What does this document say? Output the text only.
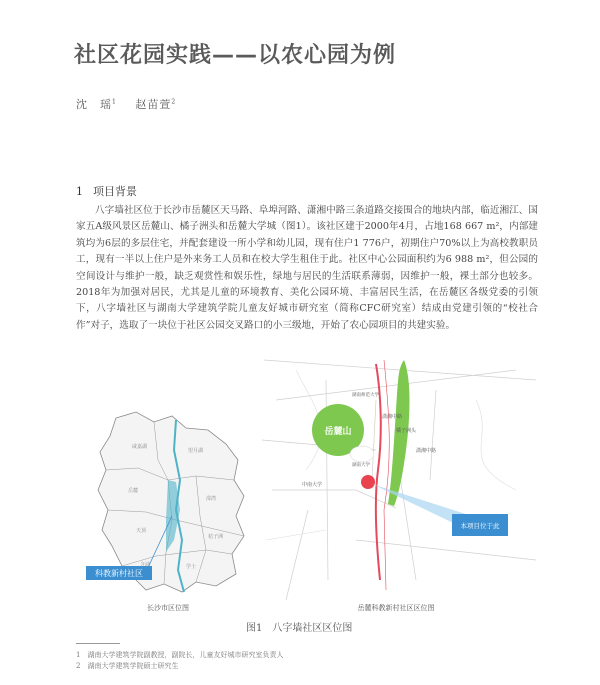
社区花园实践——以农心园为例
沈　瑶$^1$ 赵苗萱$^2$
1 项目背景

八字墙社区位于长沙市岳麓区天马路、阜埠河路、潇湘中路三条道路交接围合的地块内部，临近湘江、国家五A级风景区岳麓山、橘子洲头和岳麓大学城（图1）。该社区建于2000年4月，占地168 667 m²，内部建筑均为6层的多层住宅，并配套建设一所小学和幼儿园，现有住户1 776户，初期住户70%以上为高校教职员工，现有一半以上住户是外来务工人员和在校大学生租住于此。社区中心公园面积约为6 988 m²，但公园的空间设计与维护一般，缺乏观赏性和娱乐性，绿地与居民的生活联系薄弱，因维护一般，裸土部分也较多。2018年为加强对居民，尤其是儿童的环境教育、美化公园环境、丰富居民生活，在岳麓区各级党委的引领下，八字墙社区与湖南大学建筑学院儿童友好城市研究室（简称CFC研究室）结成由党建引领的“校社合作”对子，选取了一块位于社区公园交叉路口的小三级地，开始了农心园项目的共建实验。

科教新村社区
咸嘉湖
望月湖
岳麓
溁湾
天顶
桔子洲
学士
含浦
长沙市区位图
岳麓山
本项目位于此
潇湘中路
潇湘中路
湖南师范大学
橘子洲头
湖南大学
中南大学
岳麓科教新村社区区位图
图1　八字墙社区区位图
1　湖南大学建筑学院副教授，副院长，儿童友好城市研究室负责人
2　湖南大学建筑学院硕士研究生
